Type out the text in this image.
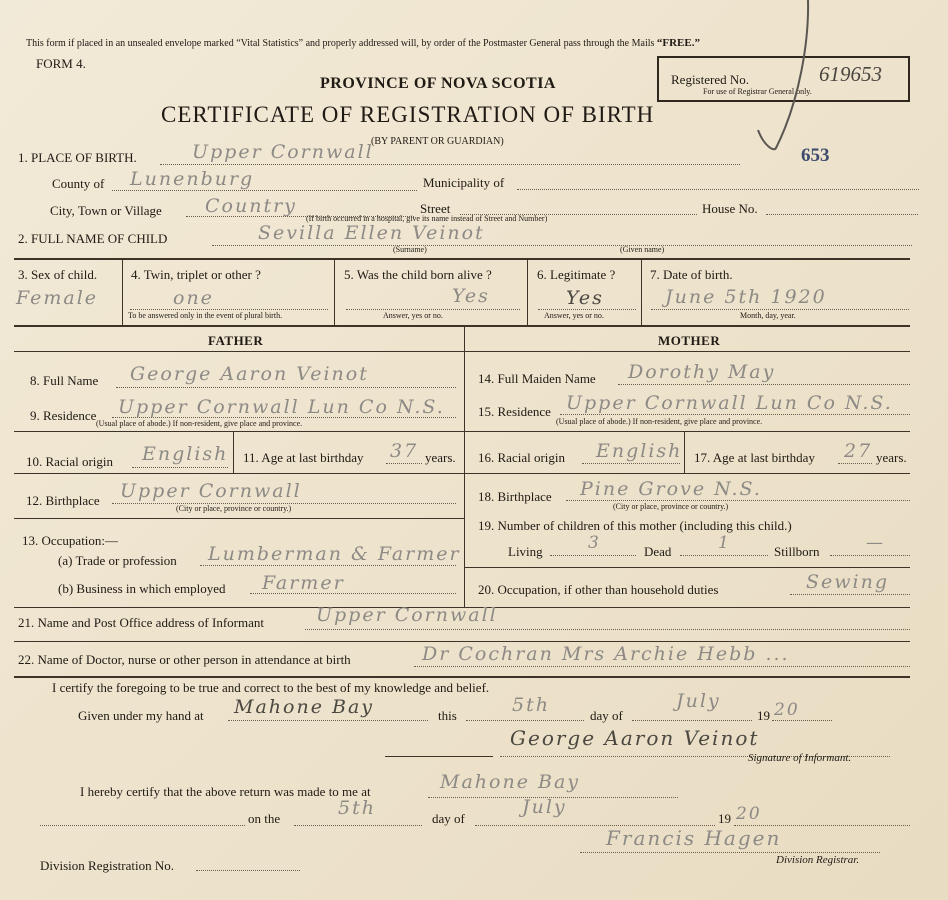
This form if placed in an unsealed envelope marked “Vital Statistics” and properly addressed will, by order of the Postmaster General pass through the Mails “FREE.”
FORM 4.
PROVINCE OF NOVA SCOTIA
CERTIFICATE OF REGISTRATION OF BIRTH
(BY PARENT OR GUARDIAN)
Registered No.	619653
For use of Registrar General only.
653
1. PLACE OF BIRTH.	Upper Cornwall
County of Lunenburg	Municipality of
City, Town or Village Country	Street	House No.
(If birth occurred in a hospital, give its name instead of Street and Number)
2. FULL NAME OF CHILD	Sevilla Ellen Veinot
(Surname)	(Given name)
3. Sex of child.
Female
4. Twin, triplet or other ?
one
To be answered only in the event of plural birth.
5. Was the child born alive ?
Yes
Answer, yes or no.
6. Legitimate ?
Yes
Answer, yes or no.
7. Date of birth.
June 5th 1920
Month, day, year.
FATHER	MOTHER
8. Full Name George Aaron Veinot
9. Residence Upper Cornwall Lun Co N.S.
(Usual place of abode.) If non-resident, give place and province.
10. Racial origin English 11. Age at last birthday 37 years.
12. Birthplace Upper Cornwall
(City or place, province or country.)
13. Occupation:—
(a) Trade or profession Lumberman & Farmer
(b) Business in which employed Farmer
14. Full Maiden Name Dorothy May
15. Residence Upper Cornwall Lun Co N.S.
(Usual place of abode.) If non-resident, give place and province.
16. Racial origin English 17. Age at last birthday 27 years.
18. Birthplace Pine Grove N.S.
(City or place, province or country.)
19. Number of children of this mother (including this child.)
Living	3	Dead	1	Stillborn	—
20. Occupation, if other than household duties	Sewing
21. Name and Post Office address of Informant	Upper Cornwall
22. Name of Doctor, nurse or other person in attendance at birth	Dr Cochran Mrs Archie Hebb ...
I certify the foregoing to be true and correct to the best of my knowledge and belief.
Given under my hand at Mahone Bay	this	5th	day of
July
19 20
George Aaron Veinot
Signature of Informant.
I hereby certify that the above return was made to me at	Mahone Bay
on the	5th	day of
July
19 20
Francis Hagen
Division Registrar.
Division Registration No.
